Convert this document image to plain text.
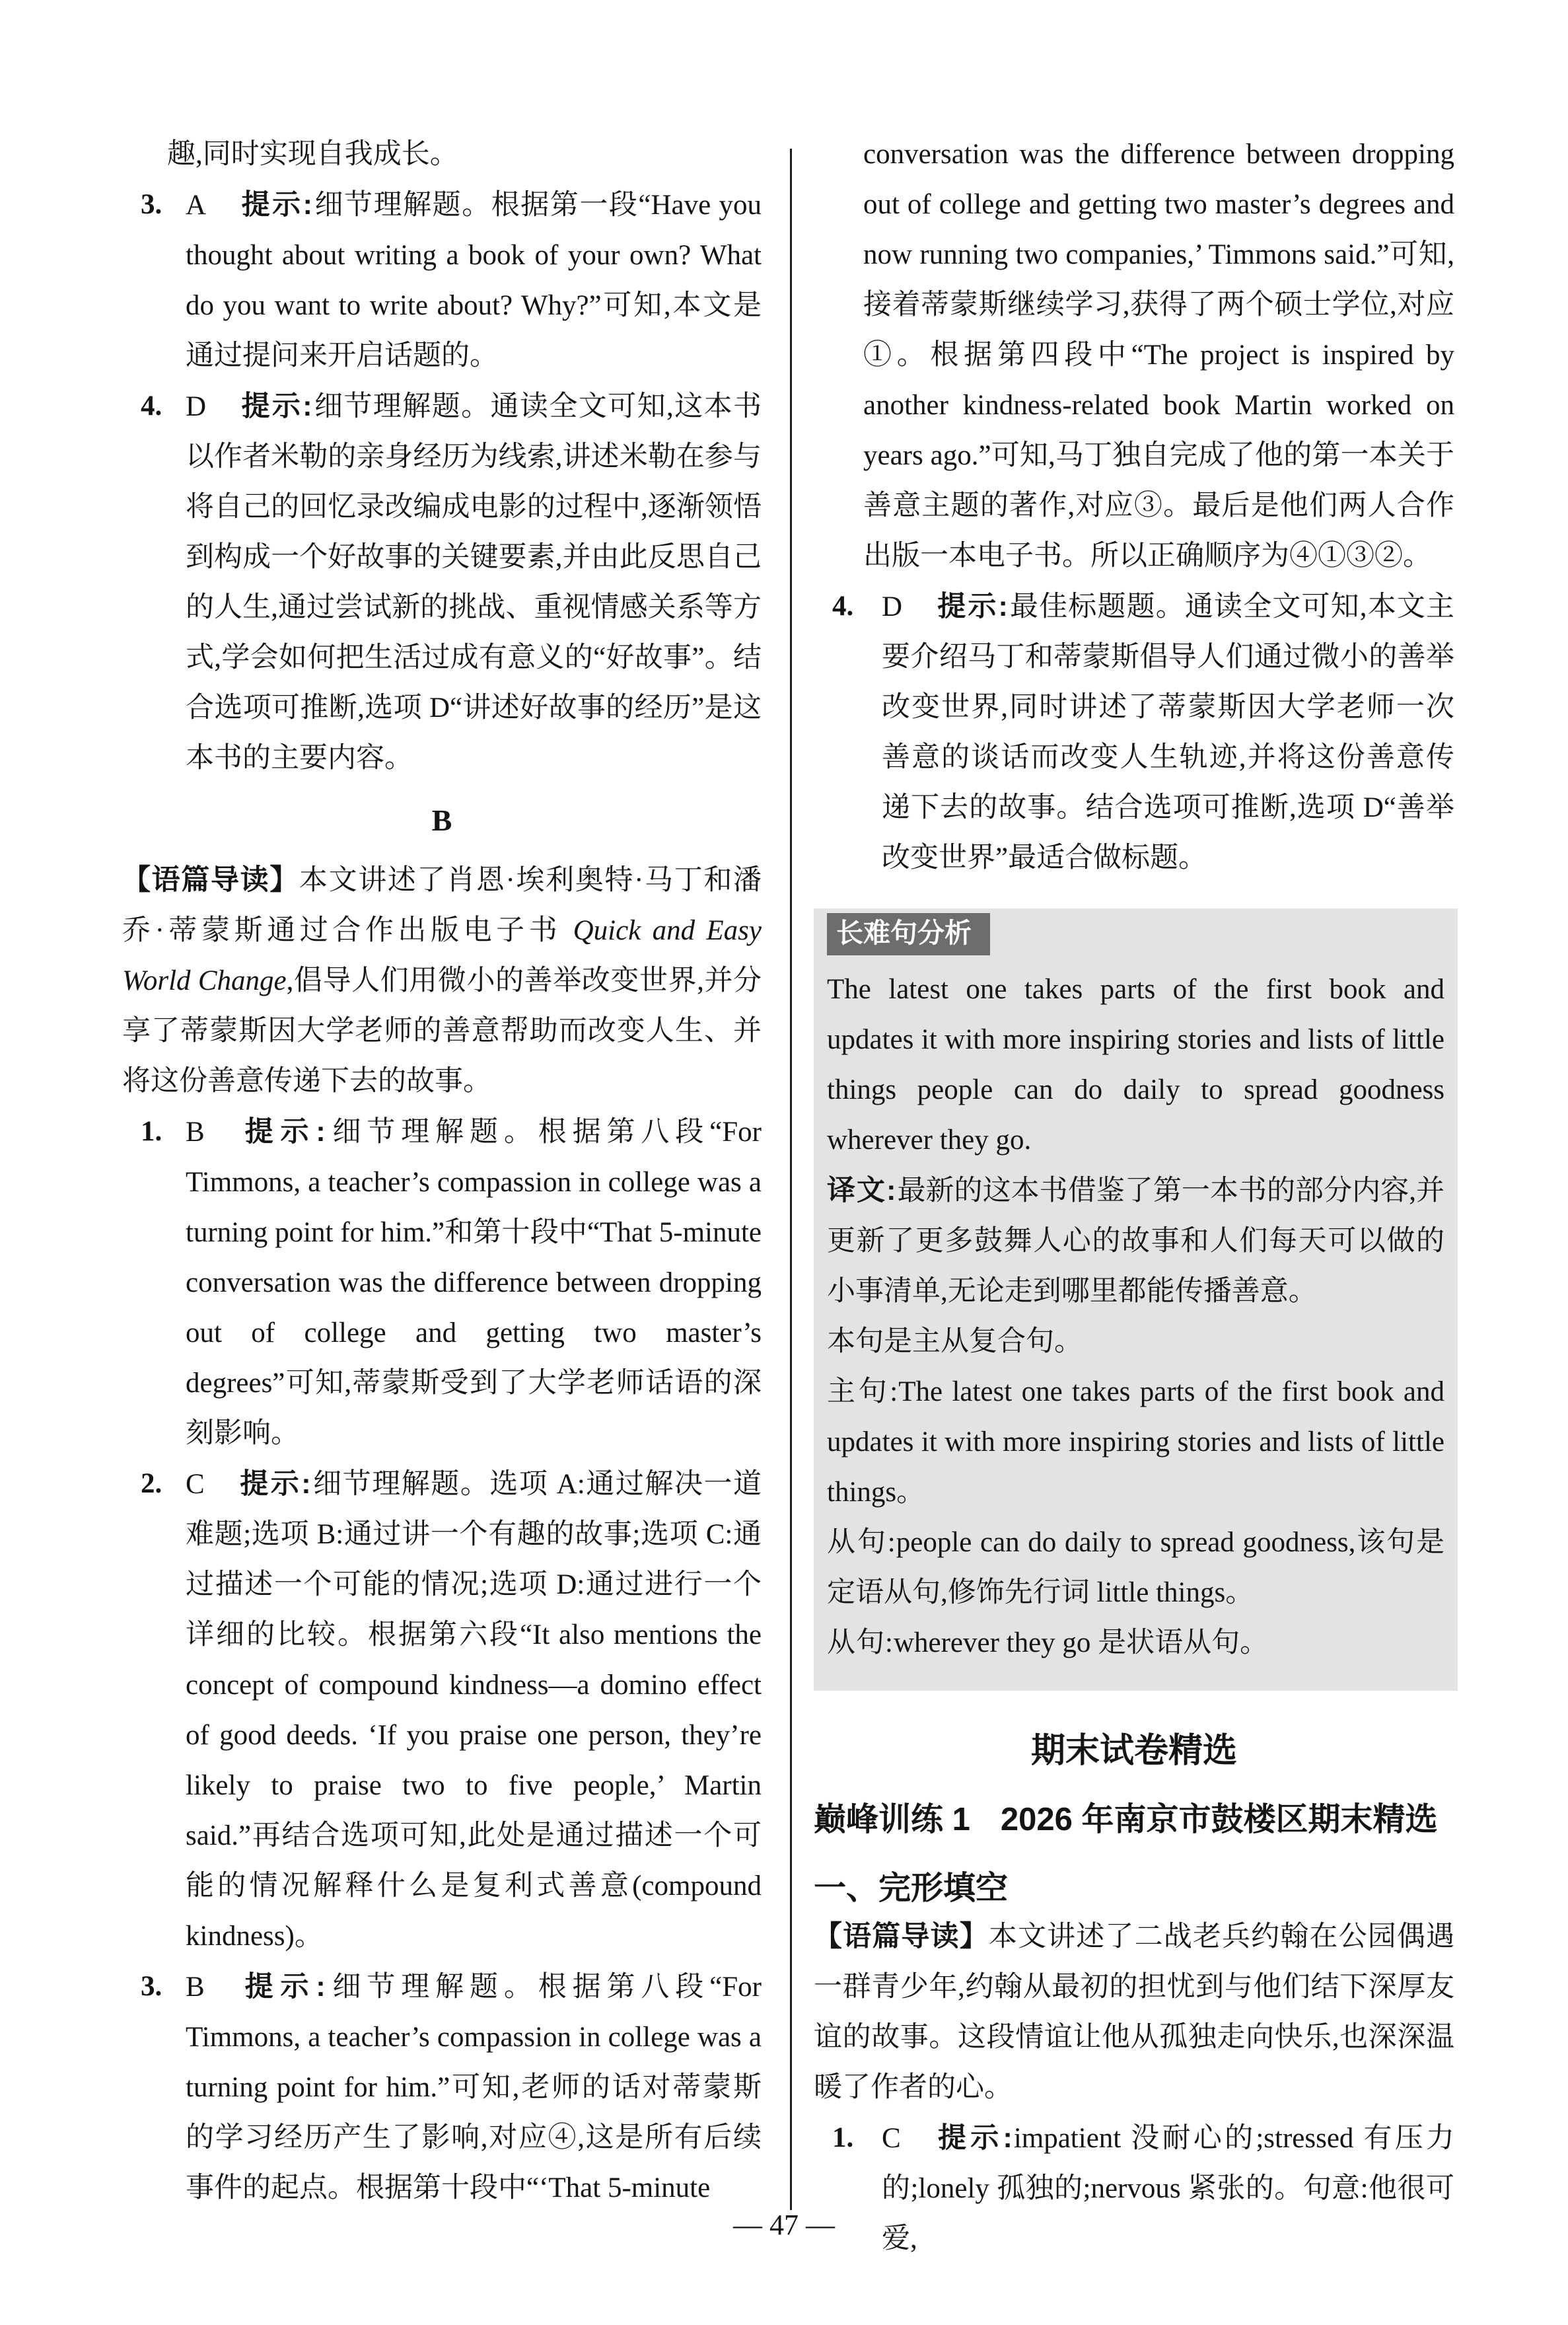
趣,同时实现自我成长。

3. A 提示:细节理解题。根据第一段“Have you thought about writing a book of your own? What do you want to write about? Why?”可知,本文是通过提问来开启话题的。
4. D 提示:细节理解题。通读全文可知,这本书以作者米勒的亲身经历为线索,讲述米勒在参与将自己的回忆录改编成电影的过程中,逐渐领悟到构成一个好故事的关键要素,并由此反思自己的人生,通过尝试新的挑战、重视情感关系等方式,学会如何把生活过成有意义的“好故事”。结合选项可推断,选项 D“讲述好故事的经历”是这本书的主要内容。
B

【语篇导读】本文讲述了肖恩·埃利奥特·马丁和潘乔·蒂蒙斯通过合作出版电子书 Quick and Easy World Change,倡导人们用微小的善举改变世界,并分享了蒂蒙斯因大学老师的善意帮助而改变人生、并将这份善意传递下去的故事。

1. B 提示:细节理解题。根据第八段“For Timmons, a teacher’s compassion in college was a turning point for him.”和第十段中“That 5-minute conversation was the difference between dropping out of college and getting two master’s degrees”可知,蒂蒙斯受到了大学老师话语的深刻影响。
2. C 提示:细节理解题。选项 A:通过解决一道难题;选项 B:通过讲一个有趣的故事;选项 C:通过描述一个可能的情况;选项 D:通过进行一个详细的比较。根据第六段“It also mentions the concept of compound kindness—a domino effect of good deeds. ‘If you praise one person, they’re likely to praise two to five people,’ Martin said.”再结合选项可知,此处是通过描述一个可能的情况解释什么是复利式善意(compound kindness)。
3. B 提示:细节理解题。根据第八段“For Timmons, a teacher’s compassion in college was a turning point for him.”可知,老师的话对蒂蒙斯的学习经历产生了影响,对应④,这是所有后续事件的起点。根据第十段中“‘That 5-minute

conversation was the difference between dropping out of college and getting two master’s degrees and now running two companies,’ Timmons said.”可知,接着蒂蒙斯继续学习,获得了两个硕士学位,对应①。根据第四段中“The project is inspired by another kindness-related book Martin worked on years ago.”可知,马丁独自完成了他的第一本关于善意主题的著作,对应③。最后是他们两人合作出版一本电子书。所以正确顺序为④①③②。

4. D 提示:最佳标题题。通读全文可知,本文主要介绍马丁和蒂蒙斯倡导人们通过微小的善举改变世界,同时讲述了蒂蒙斯因大学老师一次善意的谈话而改变人生轨迹,并将这份善意传递下去的故事。结合选项可推断,选项 D“善举改变世界”最适合做标题。
长难句分析

The latest one takes parts of the first book and updates it with more inspiring stories and lists of little things people can do daily to spread goodness wherever they go.

译文:最新的这本书借鉴了第一本书的部分内容,并更新了更多鼓舞人心的故事和人们每天可以做的小事清单,无论走到哪里都能传播善意。

本句是主从复合句。

主句:The latest one takes parts of the first book and updates it with more inspiring stories and lists of little things。

从句:people can do daily to spread goodness,该句是定语从句,修饰先行词 little things。

从句:wherever they go 是状语从句。

期末试卷精选
巅峰训练 1 2026 年南京市鼓楼区期末精选
一、完形填空

【语篇导读】本文讲述了二战老兵约翰在公园偶遇一群青少年,约翰从最初的担忧到与他们结下深厚友谊的故事。这段情谊让他从孤独走向快乐,也深深温暖了作者的心。

1. C 提示:impatient 没耐心的;stressed 有压力的;lonely 孤独的;nervous 紧张的。句意:他很可爱,
— 47 —
